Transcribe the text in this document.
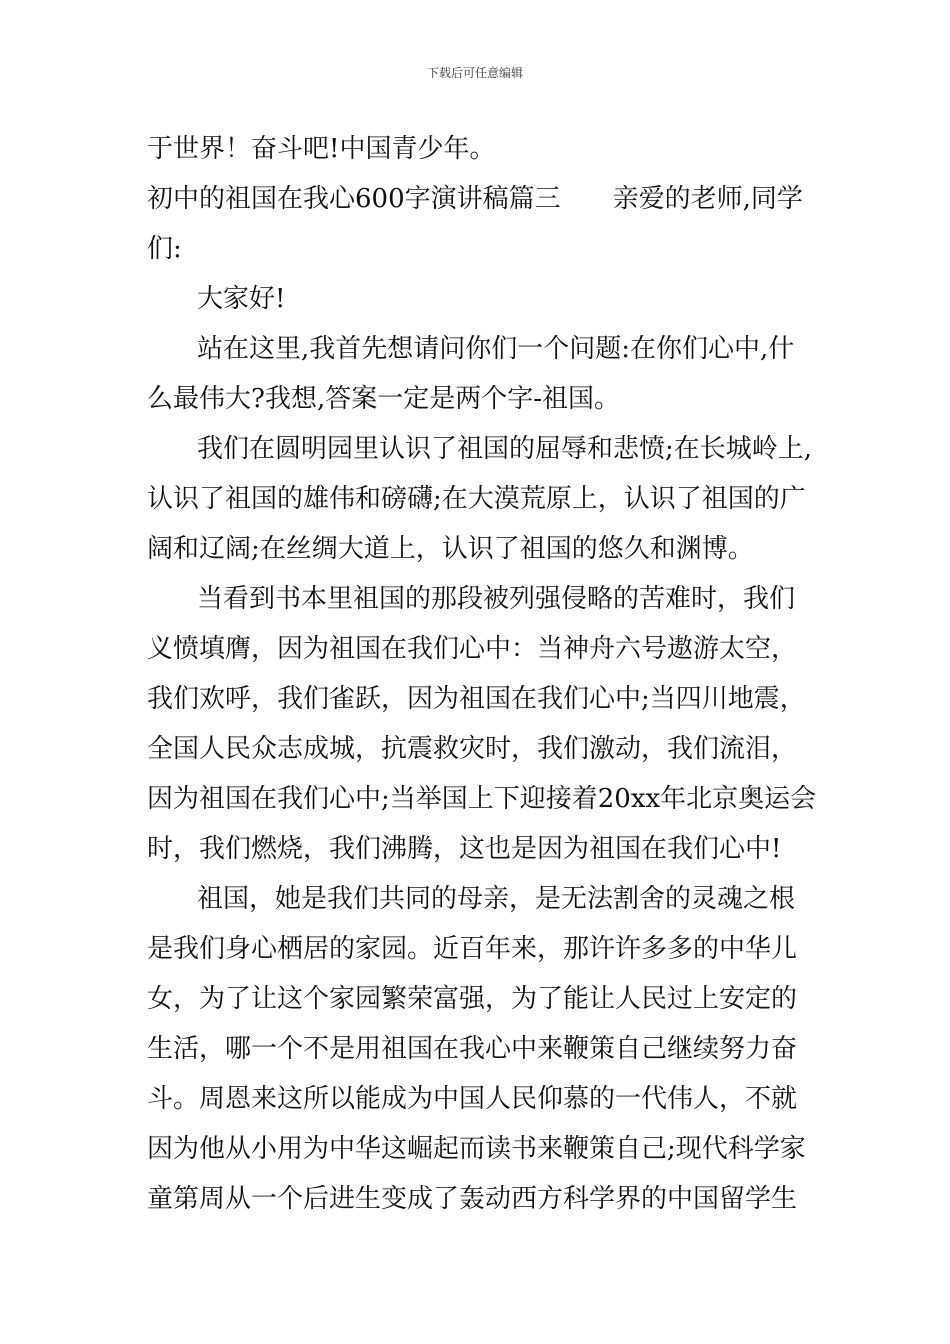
下载后可任意编辑
于世界！奋斗吧!中国青少年。
初中的祖国在我心600字演讲稿篇三　　亲爱的老师,同学
们:
大家好!
站在这里,我首先想请问你们一个问题:在你们心中,什
么最伟大?我想,答案一定是两个字-祖国。
我们在圆明园里认识了祖国的屈辱和悲愤;在长城岭上,
认识了祖国的雄伟和磅礴;在大漠荒原上，认识了祖国的广
阔和辽阔;在丝绸大道上，认识了祖国的悠久和渊博。
当看到书本里祖国的那段被列强侵略的苦难时，我们
义愤填膺，因为祖国在我们心中：当神舟六号遨游太空，
我们欢呼，我们雀跃，因为祖国在我们心中;当四川地震，
全国人民众志成城，抗震救灾时，我们激动，我们流泪，
因为祖国在我们心中;当举国上下迎接着20xx年北京奥运会
时，我们燃烧，我们沸腾，这也是因为祖国在我们心中!
祖国，她是我们共同的母亲，是无法割舍的灵魂之根
是我们身心栖居的家园。近百年来，那许许多多的中华儿
女，为了让这个家园繁荣富强，为了能让人民过上安定的
生活，哪一个不是用祖国在我心中来鞭策自己继续努力奋
斗。周恩来这所以能成为中国人民仰慕的一代伟人，不就
因为他从小用为中华这崛起而读书来鞭策自己;现代科学家
童第周从一个后进生变成了轰动西方科学界的中国留学生
